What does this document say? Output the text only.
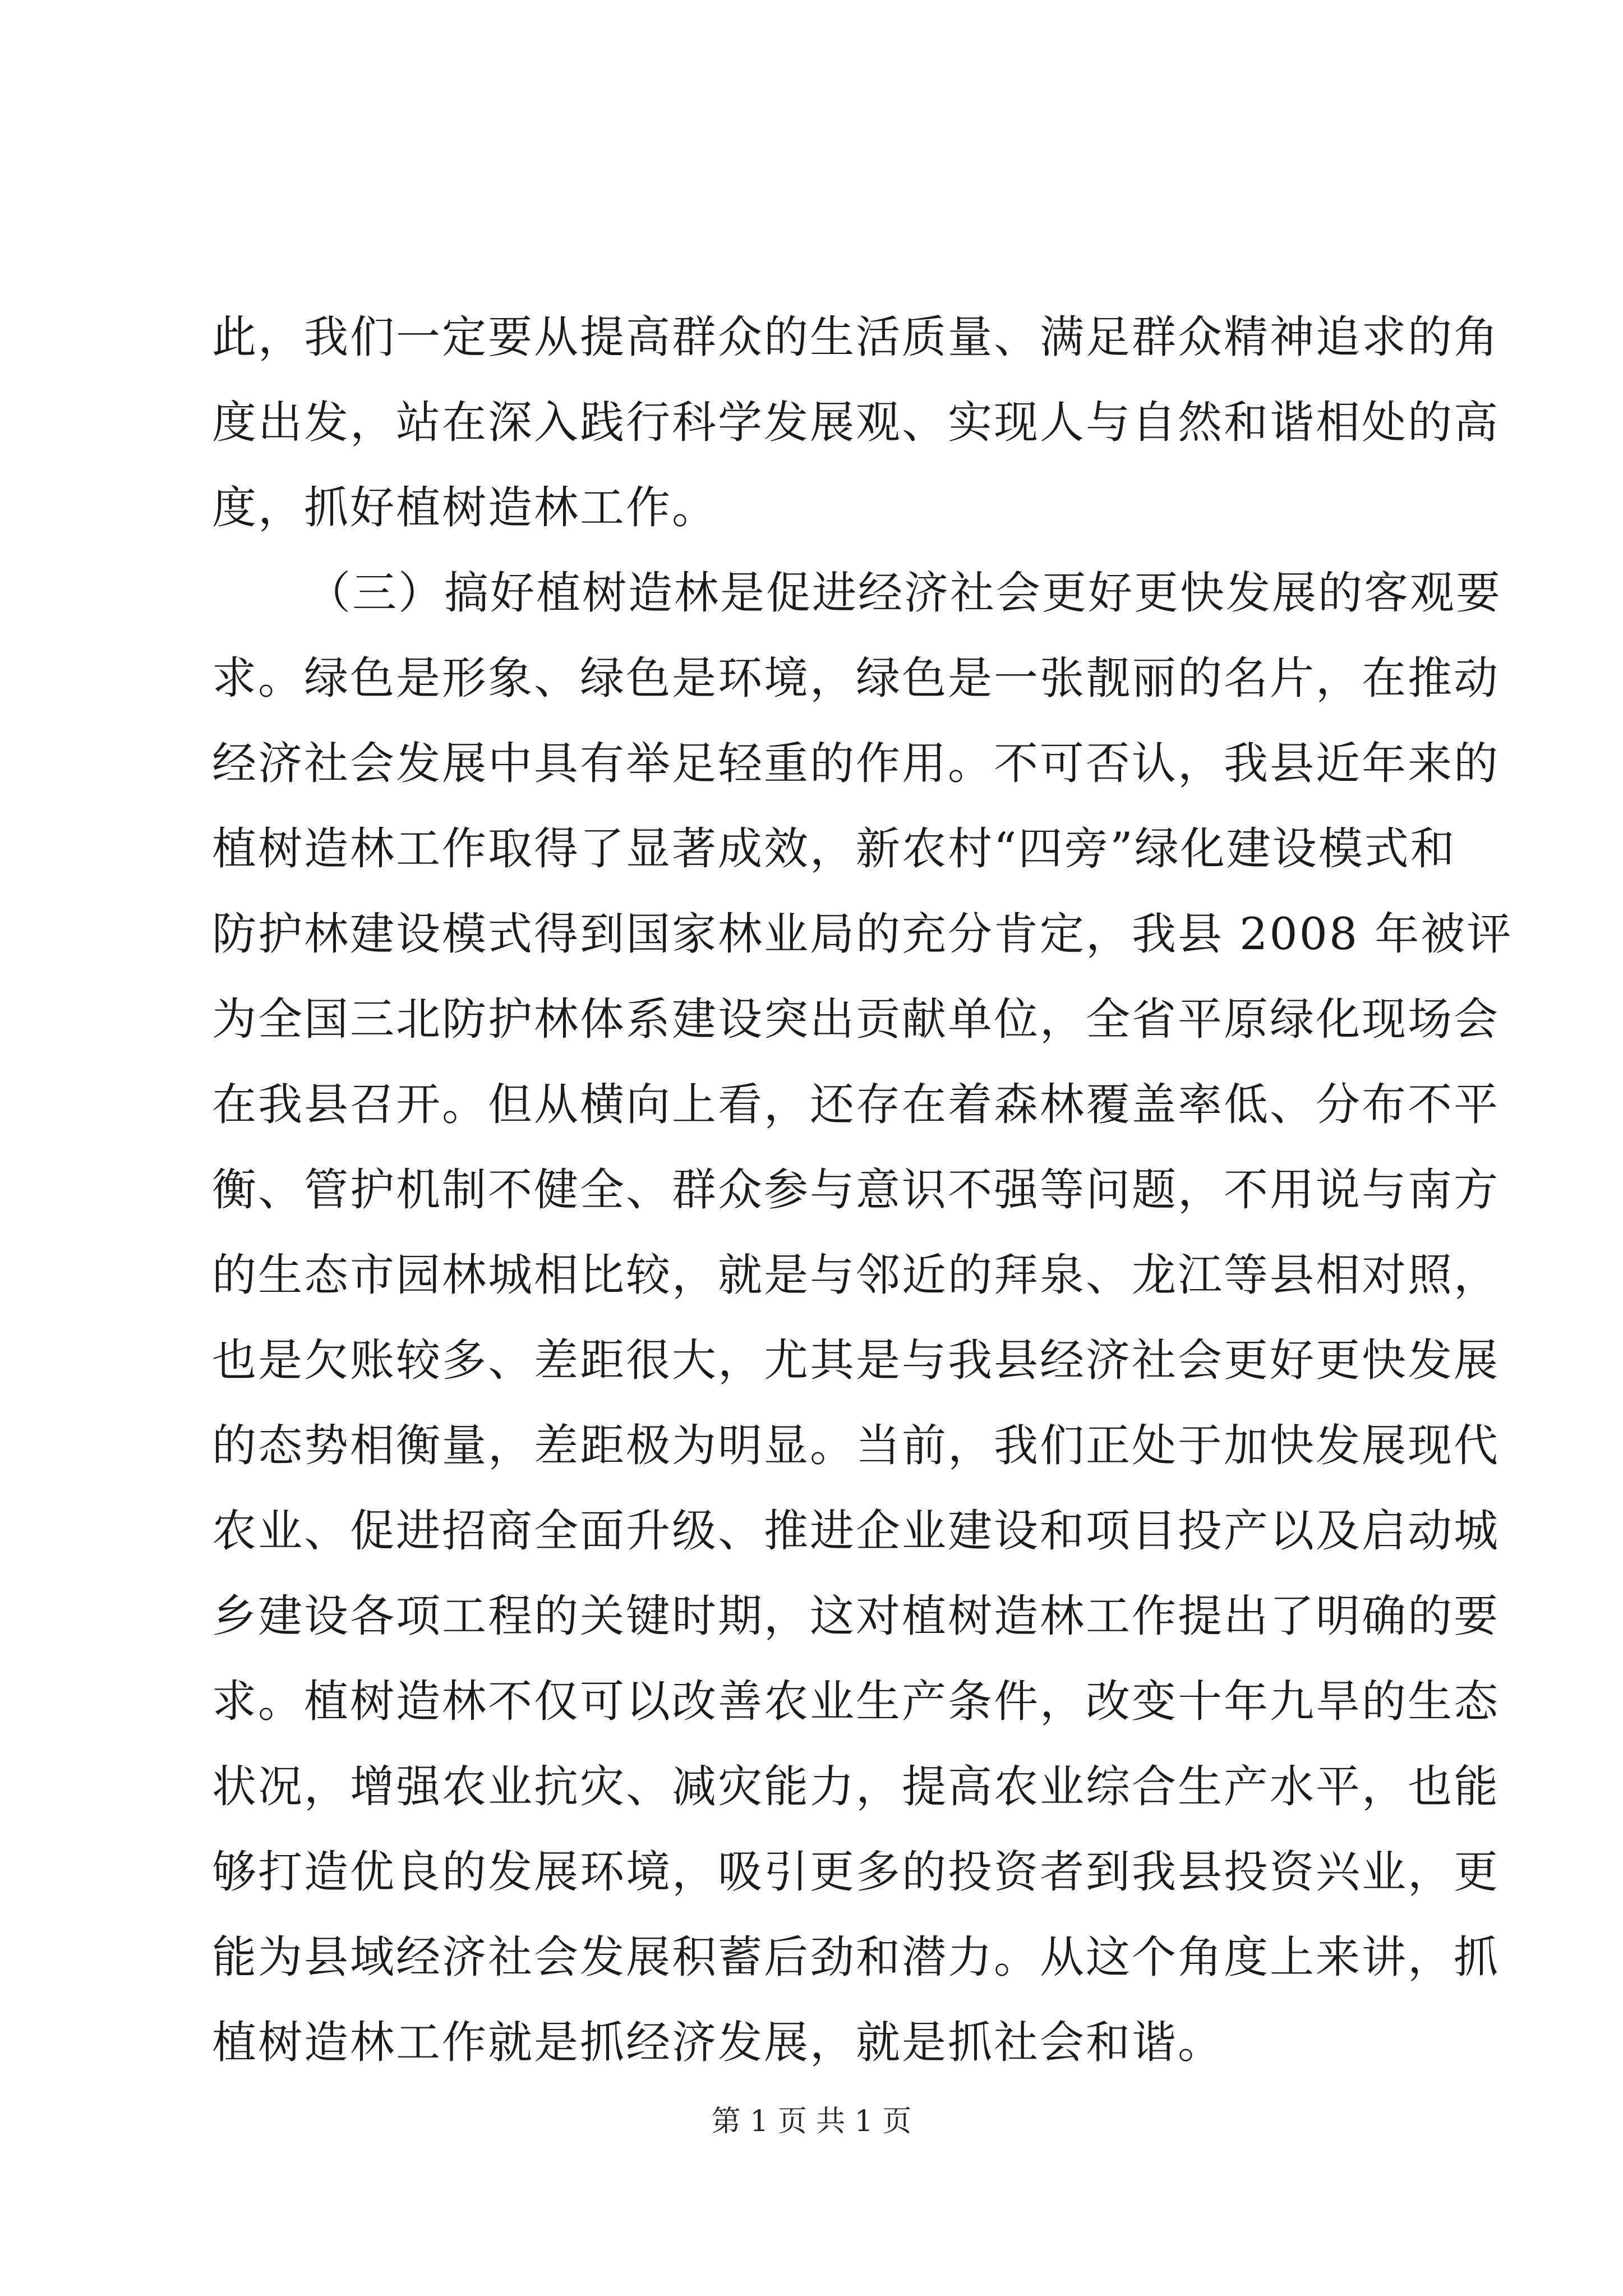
此，我们一定要从提高群众的生活质量、满足群众精神追求的角
度出发，站在深入践行科学发展观、实现人与自然和谐相处的高
度，抓好植树造林工作。
（三）搞好植树造林是促进经济社会更好更快发展的客观要
求。绿色是形象、绿色是环境，绿色是一张靓丽的名片，在推动
经济社会发展中具有举足轻重的作用。不可否认，我县近年来的
植树造林工作取得了显著成效，新农村“四旁”绿化建设模式和
防护林建设模式得到国家林业局的充分肯定，我县 2008 年被评
为全国三北防护林体系建设突出贡献单位，全省平原绿化现场会
在我县召开。但从横向上看，还存在着森林覆盖率低、分布不平
衡、管护机制不健全、群众参与意识不强等问题，不用说与南方
的生态市园林城相比较，就是与邻近的拜泉、龙江等县相对照，
也是欠账较多、差距很大，尤其是与我县经济社会更好更快发展
的态势相衡量，差距极为明显。当前，我们正处于加快发展现代
农业、促进招商全面升级、推进企业建设和项目投产以及启动城
乡建设各项工程的关键时期，这对植树造林工作提出了明确的要
求。植树造林不仅可以改善农业生产条件，改变十年九旱的生态
状况，增强农业抗灾、减灾能力，提高农业综合生产水平，也能
够打造优良的发展环境，吸引更多的投资者到我县投资兴业，更
能为县域经济社会发展积蓄后劲和潜力。从这个角度上来讲，抓
植树造林工作就是抓经济发展，就是抓社会和谐。
第 1 页 共 1 页
